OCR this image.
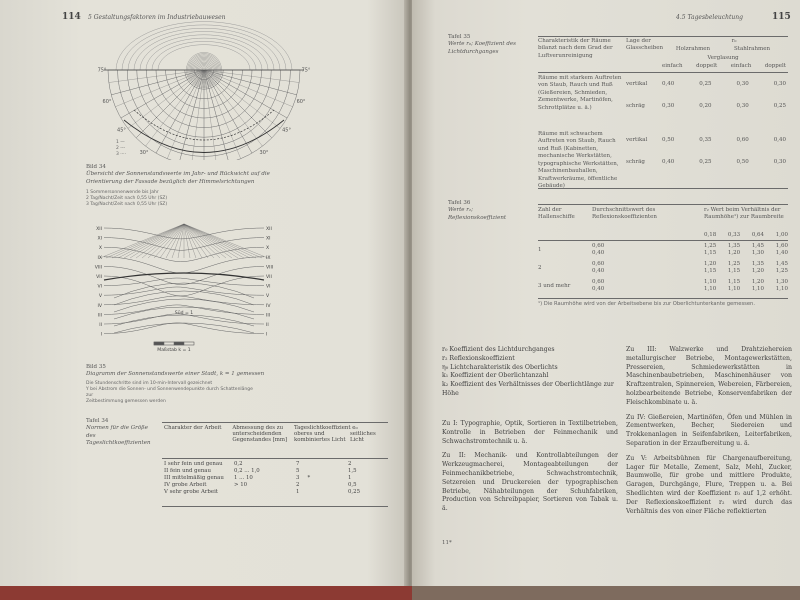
114 5 Gestaltungsfaktoren im Industriebauwesen
75°
60°
45°
30°	30°
45°
60°
75°
1 —
2 ---
3 ····
Bild 34
Übersicht der Sonnenstandswerte im Jahr- und Rückwicht auf die Orientierung der Fassade bezüglich der Himmelsrichtungen
1 Sommersonnenwende bis Jahr
2 Tag/Nacht/Zeit nach 0,55 Uhr (SZ)
3 Tag/Nacht/Zeit nach 0,55 Uhr (SZ)
XII
XI
X
IX
VIII
VII
VI
V
IV
III
II
I
XII
XI
X
IX
VIII
VII
VI
V
IV
III
II
I
Sūd = 1
Maßstab k = 1
Bild 35
Diagramm der Sonnenstandswerte einer Stadt, k = 1 gemessen
Die Stundenschritte sind im 10-min-Intervall gezeichnet
Y bei Abstrom die Sonnen- und Sonnenwendepunkte durch Schattenlänge zur
Zeitbestimmung gemessen werden
Tafel 34
Normen für die Größe des Tageslichtkoeffizienten
Charakter der Arbeit	Abmessung des zu unterscheidenden Gegenstandes [mm]	
Tageslichtkoeffizient e₀
oberes und kombiniertes Licht
seitliches Licht
I sehr fein und genau	0,2	7	2
II fein und genau	0,2 ... 1,0	5	1,5
III mittelmäßig genau	1 ... 10	3 *	1
IV grobe Arbeit	> 10	2	0,5
V sehr grobe Arbeit		1	0,25
4.5 Tagesbeleuchtung	115
Tafel 35
Werte r₀; Koeffizient des Lichtdurchganges
Charakteristik der Räume bilanzt nach dem Grad der Luftverunreinigung
Lage der Glasscheiben
r₀
Holzrahmen	Stahlrahmen
Verglasung
einfach doppelt einfach doppelt
Räume mit starkem Auftreten von Staub, Rauch und Ruß (Gießereien, Schmieden, Zementwerke, Martinöfen, Schrottplätze u. ä.)
vertikal	0,40	0,25	0,30	0,30
schräg	0,30	0,20	0,30	0,25
Räume mit schwachem Auftreten von Staub, Rauch und Ruß (Kabinetten, mechanische Werkstätten, typographische Werkstätten, Maschinenbauhallen, Kraftwerkräume, öffentliche Gebäude)
vertikal	0,50	0,35	0,60	0,40
schräg	0,40	0,25	0,50	0,30
Tafel 36
Werte r₂; Reflexionskoeffizient
Zahl der Hallenschiffe
Durchschnittswert des Reflexionskoeffizienten
r₂ Wert beim Verhältnis der Raumhöhe¹) zur Raumbreite
0,18 0,33 0,64 1,00
1
0,60	1,25 1,35 1,45 1,60
0,40	1,15 1,20 1,30 1,40
2
0,60	1,20 1,25 1,35 1,45
0,40	1,15 1,15 1,20 1,25
3 und mehr
0,60	1,10 1,15 1,20 1,30
0,40	1,10 1,10 1,10 1,10
¹) Die Raumhöhe wird von der Arbeitsebene bis zur Oberlichtunterkante gemessen.
r₀ Koeffizient des Lichtdurchganges
r₂ Reflexionskoeffizient
η₀ Lichtcharakteristik des Oberlichts
k₁ Koeffizient der Oberlichtanzahl
k₂ Koeffizient des Verhältnisses der Oberlichtlänge zur Höhe

Zu I: Typographie, Optik, Sortieren in Textilbetrieben, Kontrolle in Betrieben der Feinmechanik und Schwachstromtechnik u. ä.

Zu II: Mechanik- und Kontrollabteilungen der Werkzeugmacherei, Montageabteilungen der Feinmechanikbetriebe, Schwachstromtechnik, Setzereien und Druckereien der typographischen Betriebe, Nähabteilungen der Schuhfabriken, Production von Schreibpapier, Sortieren von Tabak u. ä.

11*

Zu III: Walzwerke und Drahtziehereien metallurgischer Betriebe, Montagewerkstätten, Pressereien, Schmiedewerkstätten in Maschinenbaubetrieben, Maschinenhäuser von Kraftzentralen, Spinnereien, Webereien, Färbereien, holzbearbeitende Betriebe, Konservenfabriken der Fleischkombinate u. ä.

Zu IV: Gießereien, Martinöfen, Öfen und Mühlen in Zementwerken, Becher, Siedereien und Trokkenanlagen in Seifenfabriken, Leiterfabriken, Separation in der Erzaufbereitung u. ä.

Zu V: Arbeitsbühnen für Chargenaufbereitung, Lager für Metalle, Zement, Salz, Mehl, Zucker, Baumwolle, für grobe und mittlere Produkte, Garagen, Durchgänge, Flure, Treppen u. a. Bei Shedlichten wird der Koeffizient r₀ auf 1,2 erhöht. Der Reflexionskoeffizient r₂ wird durch das Verhältnis des von einer Fläche reflektierten
